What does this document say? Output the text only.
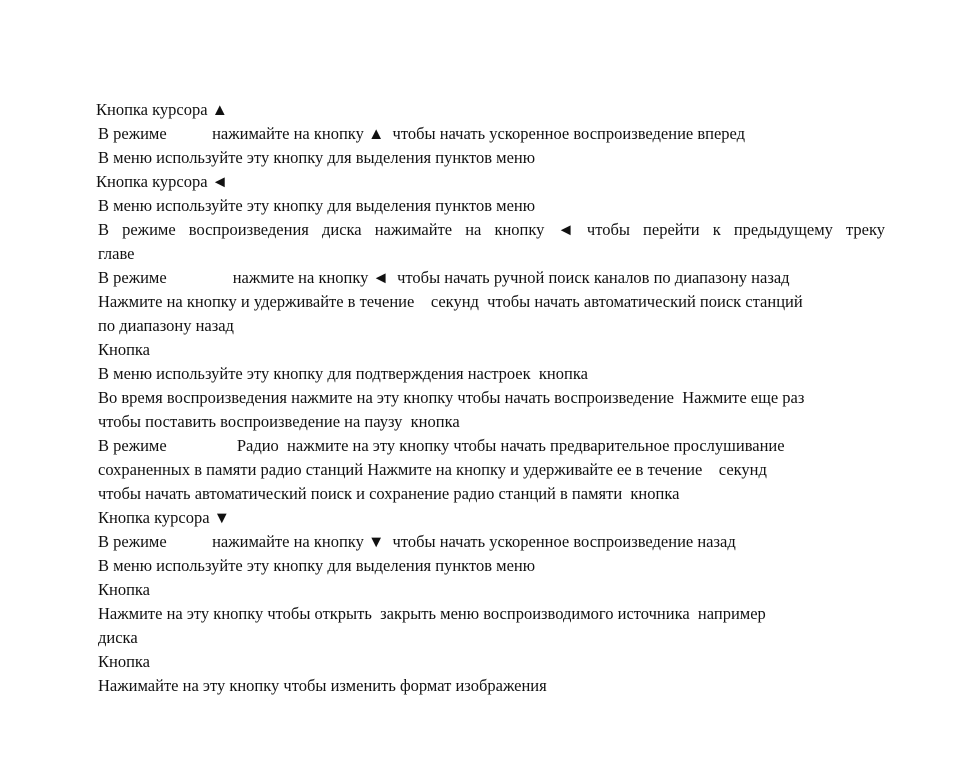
Кнопка курсора ▲
В режиме           нажимайте на кнопку ▲  чтобы начать ускоренное воспроизведение вперед
В меню используйте эту кнопку для выделения пунктов меню
Кнопка курсора ◄
В меню используйте эту кнопку для выделения пунктов меню
В режиме воспроизведения диска нажимайте на кнопку ◄ чтобы перейти к предыдущему треку
главе
В режиме                нажмите на кнопку ◄  чтобы начать ручной поиск каналов по диапазону назад
Нажмите на кнопку и удерживайте в течение    секунд  чтобы начать автоматический поиск станций
по диапазону назад
Кнопка
В меню используйте эту кнопку для подтверждения настроек  кнопка
Во время воспроизведения нажмите на эту кнопку чтобы начать воспроизведение  Нажмите еще раз
чтобы поставить воспроизведение на паузу  кнопка
В режиме                 Радио  нажмите на эту кнопку чтобы начать предварительное прослушивание
сохраненных в памяти радио станций Нажмите на кнопку и удерживайте ее в течение    секунд
чтобы начать автоматический поиск и сохранение радио станций в памяти  кнопка
Кнопка курсора ▼
В режиме           нажимайте на кнопку ▼  чтобы начать ускоренное воспроизведение назад
В меню используйте эту кнопку для выделения пунктов меню
Кнопка
Нажмите на эту кнопку чтобы открыть  закрыть меню воспроизводимого источника  например
диска
Кнопка
Нажимайте на эту кнопку чтобы изменить формат изображения
